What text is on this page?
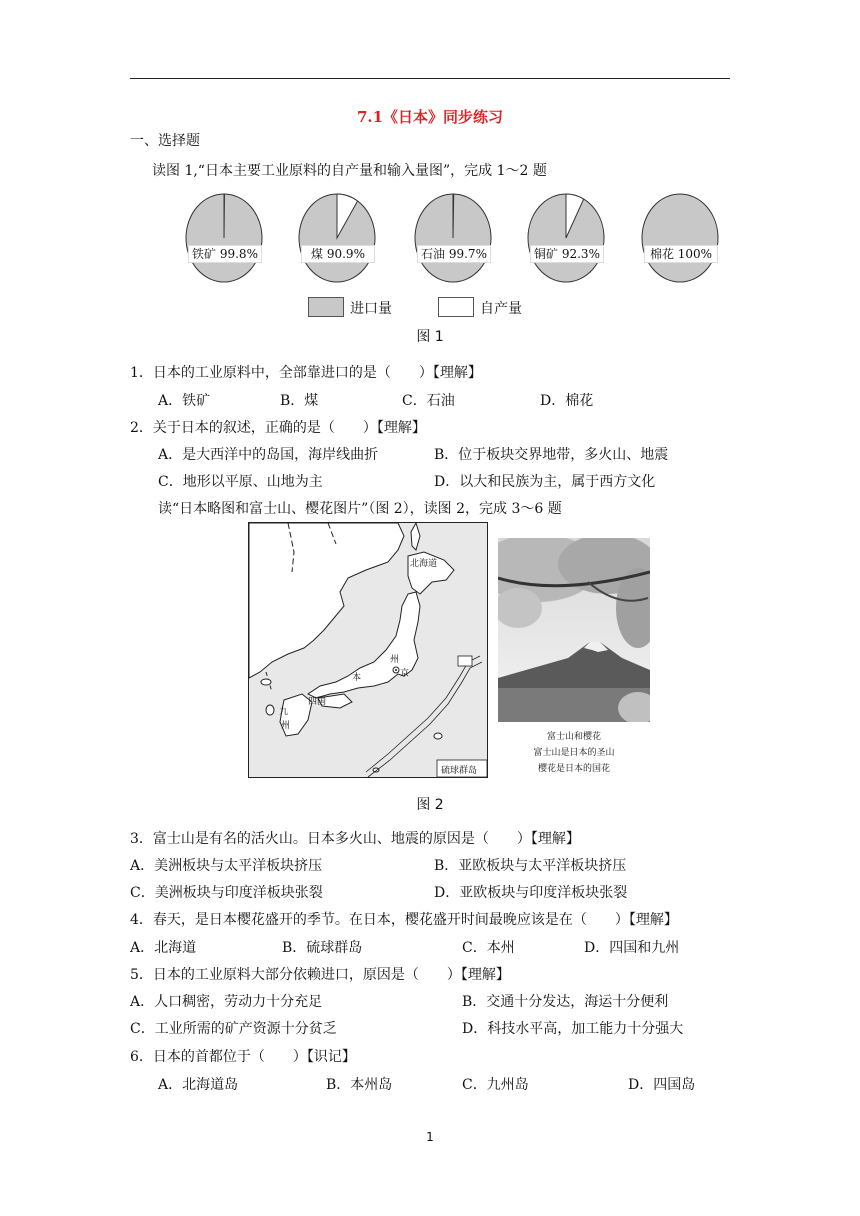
7.1《日本》同步练习
一、选择题
读图 1,“日本主要工业原料的自产量和输入量图”，完成 1～2 题
铁矿 99.8%	煤 90.9%	石油 99.7%	铜矿 92.3%	棉花 100%
进口量	自产量
图 1
1．日本的工业原料中，全部靠进口的是（　　）【理解】
A．铁矿	B．煤	C．石油	D．棉花
2．关于日本的叙述，正确的是（　　）【理解】
A．是大西洋中的岛国，海岸线曲折	B．位于板块交界地带，多火山、地震
C．地形以平原、山地为主	D．以大和民族为主，属于西方文化
读“日本略图和富士山、樱花图片”（图 2），读图 2，完成 3～6 题
北海道
本
州
京
四国
九
州
硫球群岛
富士山和樱花
富士山是日本的圣山
樱花是日本的国花
图 2
3．富士山是有名的活火山。日本多火山、地震的原因是（　　）【理解】
A．美洲板块与太平洋板块挤压	B．亚欧板块与太平洋板块挤压
C．美洲板块与印度洋板块张裂	D．亚欧板块与印度洋板块张裂
4．春天，是日本樱花盛开的季节。在日本，樱花盛开时间最晚应该是在（　　）【理解】
A．北海道	B．硫球群岛	C．本州	D．四国和九州
5．日本的工业原料大部分依赖进口，原因是（　　）【理解】
A．人口稠密，劳动力十分充足	B．交通十分发达，海运十分便利
C．工业所需的矿产资源十分贫乏	D．科技水平高，加工能力十分强大
6．日本的首都位于（　　）【识记】
A．北海道岛	B．本州岛	C．九州岛	D．四国岛
1
